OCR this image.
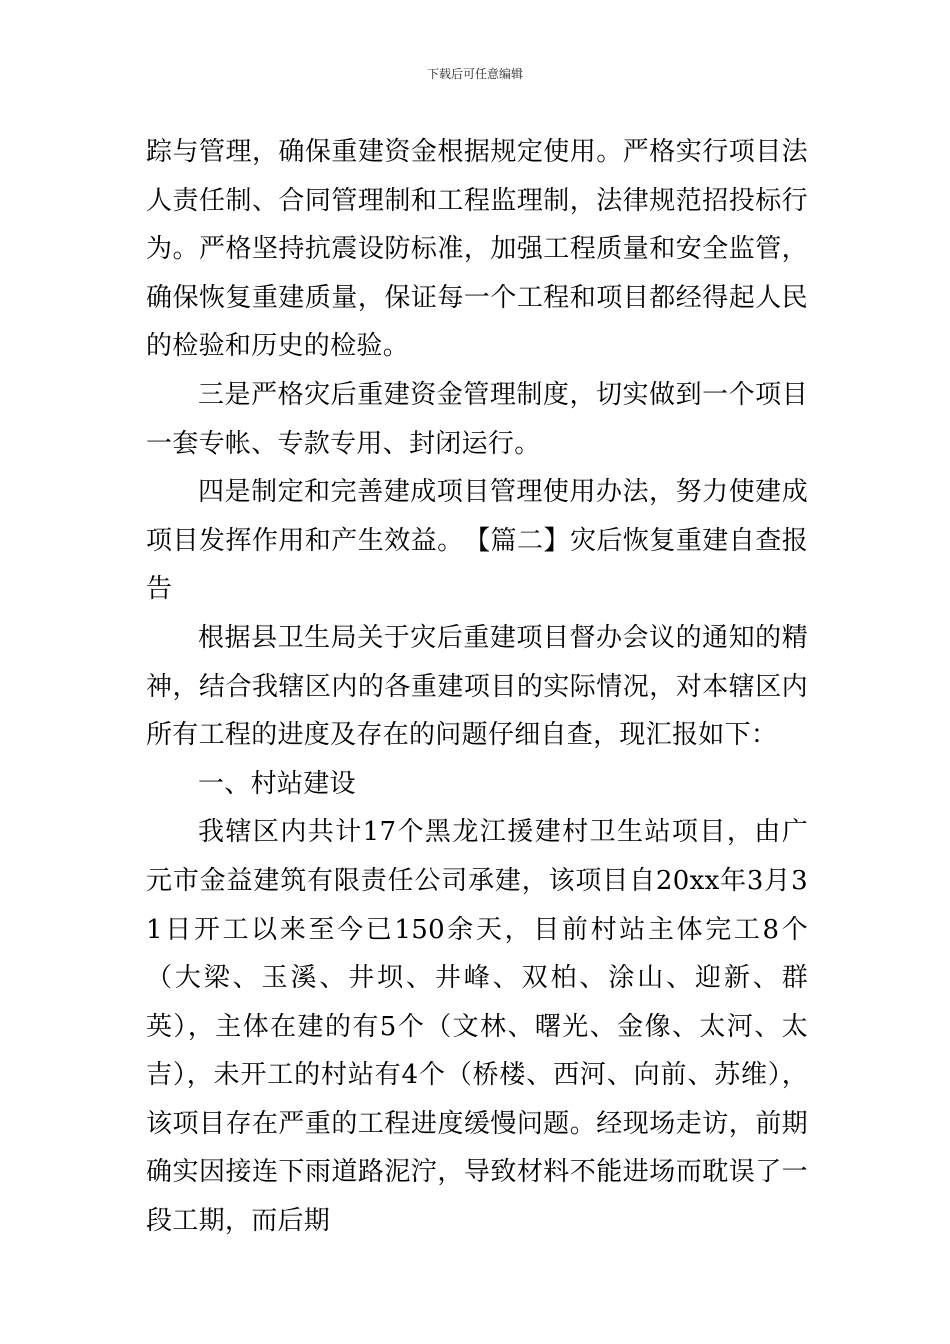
下载后可任意编辑

踪与管理，确保重建资金根据规定使用。严格实行项目法人责任制、合同管理制和工程监理制，法律规范招投标行为。严格坚持抗震设防标准，加强工程质量和安全监管，确保恢复重建质量，保证每一个工程和项目都经得起人民的检验和历史的检验。

三是严格灾后重建资金管理制度，切实做到一个项目一套专帐、专款专用、封闭运行。

四是制定和完善建成项目管理使用办法，努力使建成项目发挥作用和产生效益。　【篇二】灾后恢复重建自查报告

根据县卫生局关于灾后重建项目督办会议的通知的精神，结合我辖区内的各重建项目的实际情况，对本辖区内所有工程的进度及存在的问题仔细自查，现汇报如下：

一、村站建设

我辖区内共计17个黑龙江援建村卫生站项目，由广元市金益建筑有限责任公司承建，该项目自20xx年3月31日开工以来至今已150余天，目前村站主体完工8个（大梁、玉溪、井坝、井峰、双柏、涂山、迎新、群英），主体在建的有5个（文林、曙光、金像、太河、太吉），未开工的村站有4个（桥楼、西河、向前、苏维），该项目存在严重的工程进度缓慢问题。经现场走访，前期确实因接连下雨道路泥泞，导致材料不能进场而耽误了一段工期，而后期
